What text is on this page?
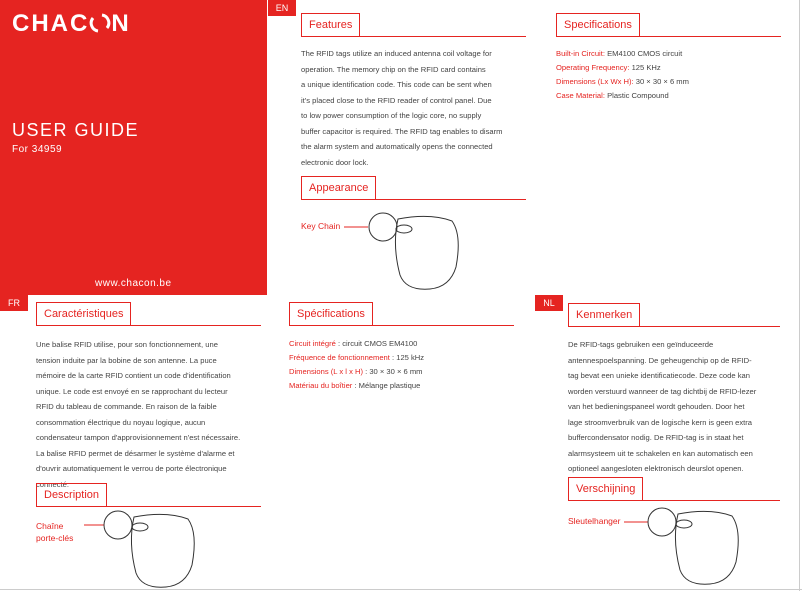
CHAC N
USER GUIDE
For 34959
www.chacon.be
EN
FR	NL
Features
The RFID tags utilize an induced antenna coil voltage for
operation. The memory chip on the RFID card contains
a unique identification code. This code can be sent when
it's placed close to the RFID reader of control panel. Due
to low power consumption of the logic core, no supply
buffer capacitor is required. The RFID tag enables to disarm
the alarm system and automatically opens the connected
electronic door lock.
Appearance
Key Chain
Specifications
Built-in Circuit: EM4100 CMOS circuit
Operating Frequency: 125 KHz
Dimensions (Lx Wx H): 30 × 30 × 6 mm
Case Material: Plastic Compound
Caractéristiques
Une balise RFID utilise, pour son fonctionnement, une
tension induite par la bobine de son antenne. La puce
mémoire de la carte RFID contient un code d'identification
unique. Le code est envoyé en se rapprochant du lecteur
RFID du tableau de commande. En raison de la faible
consommation électrique du noyau logique, aucun
condensateur tampon d'approvisionnement n'est nécessaire.
La balise RFID permet de désarmer le système d'alarme et
d'ouvrir automatiquement le verrou de porte électronique
connecté.
Description
Chaîne
porte-clés
Spécifications
Circuit intégré : circuit CMOS EM4100
Fréquence de fonctionnement : 125 kHz
Dimensions (L x l x H) : 30 × 30 × 6 mm
Matériau du boîtier : Mélange plastique
Kenmerken
De RFID-tags gebruiken een geïnduceerde
antennespoelspanning. De geheugenchip op de RFID-
tag bevat een unieke identificatiecode. Deze code kan
worden verstuurd wanneer de tag dichtbij de RFID-lezer
van het bedieningspaneel wordt gehouden. Door het
lage stroomverbruik van de logische kern is geen extra
buffercondensator nodig. De RFID-tag is in staat het
alarmsysteem uit te schakelen en kan automatisch een
optioneel aangesloten elektronisch deurslot openen.
Verschijning
Sleutelhanger
